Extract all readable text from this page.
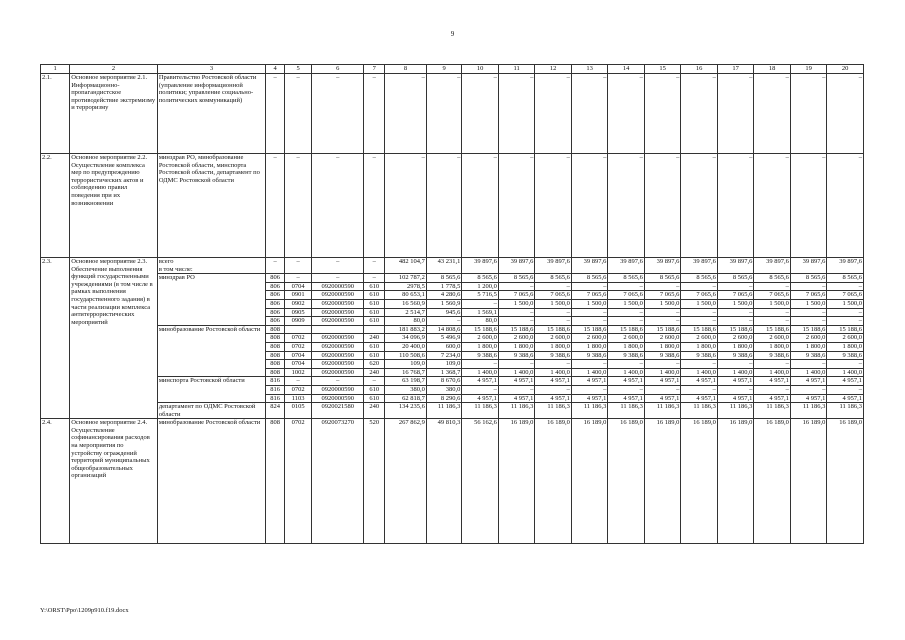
9
1	2	3	4	5	6	7	8	9	10	11	12	13	14	15	16	17	18	19	20
2.1.	Основное мероприятие 2.1. Информационно-пропагандистское противодействие экстремизму и терроризму	Правительство Ростовской области (управление информационной политики; управление социально-политических коммуникаций)	–	–	–	–	–	–	–	–	–	–	–	–	–	–	–	–	–
2.2.	Основное мероприятие 2.2. Осуществление комплекса мер по предупреждению террористических актов и соблюдению правил поведения при их возникновении	минздрав РО, минобразование Ростовской области, минспорта Ростовской области, департамент по ОДМС Ростовской области	–	–	–	–	–	–	–	–	–	–	–	–	–	–	–	–	–
2.3.	Основное мероприятие 2.3. Обеспечение выполнения функций государственными учреждениями (в том числе в рамках выполнения государственного задания) в части реализации комплекса антитеррористических мероприятий	всего
в том числе:	–	–	–	–	482 104,7	43 231,1	39 897,6	39 897,6	39 897,6	39 897,6	39 897,6	39 897,6	39 897,6	39 897,6	39 897,6	39 897,6	39 897,6
		минздрав РО	806	–	–	–	102 787,2	8 565,6	8 565,6	8 565,6	8 565,6	8 565,6	8 565,6	8 565,6	8 565,6	8 565,6	8 565,6	8 565,6	8 565,6
			806	0704	0920000590	610	2978,5	1 778,5	1 200,0	–	–	–	–	–	–	–	–	–	–
			806	0901	0920000590	610	80 653,1	4 280,6	5 716,5	7 065,6	7 065,6	7 065,6	7 065,6	7 065,6	7 065,6	7 065,6	7 065,6	7 065,6	7 065,6
			806	0902	0920000590	610	16 560,9	1 560,9	–	1 500,0	1 500,0	1 500,0	1 500,0	1 500,0	1 500,0	1 500,0	1 500,0	1 500,0	1 500,0
			806	0905	0920000590	610	2 514,7	945,6	1 569,1	–	–	–	–	–	–	–	–	–	–
			806	0909	0920000590	610	80,0	–	80,0	–	–	–	–	–	–	–	–	–	–
		минобразование Ростовской области	808				181 883,2	14 808,6	15 188,6	15 188,6	15 188,6	15 188,6	15 188,6	15 188,6	15 188,6	15 188,6	15 188,6	15 188,6	15 188,6
			808	0702	0920000590	240	34 096,9	5 496,9	2 600,0	2 600,0	2 600,0	2 600,0	2 600,0	2 600,0	2 600,0	2 600,0	2 600,0	2 600,0	2 600,0
			808	0702	0920000590	610	20 400,0	600,0	1 800,0	1 800,0	1 800,0	1 800,0	1 800,0	1 800,0	1 800,0	1 800,0	1 800,0	1 800,0	1 800,0
			808	0704	0920000590	610	110 508,6	7 234,0	9 388,6	9 388,6	9 388,6	9 388,6	9 388,6	9 388,6	9 388,6	9 388,6	9 388,6	9 388,6	9 388,6
			808	0704	0920000590	620	109,0	109,0	–	–	–	–	–	–	–	–	–	–	–
			808	1002	0920000590	240	16 768,7	1 368,7	1 400,0	1 400,0	1 400,0	1 400,0	1 400,0	1 400,0	1 400,0	1 400,0	1 400,0	1 400,0	1 400,0
		минспорта Ростовской области	816	–	–	–	63 198,7	8 670,6	4 957,1	4 957,1	4 957,1	4 957,1	4 957,1	4 957,1	4 957,1	4 957,1	4 957,1	4 957,1	4 957,1
			816	0702	0920000590	610	380,0	380,0	–	–	–	–	–	–	–	–	–	–	–
			816	1103	0920000590	610	62 818,7	8 290,6	4 957,1	4 957,1	4 957,1	4 957,1	4 957,1	4 957,1	4 957,1	4 957,1	4 957,1	4 957,1	4 957,1
		департамент по ОДМС Ростовской области	824	0105	0920021580	240	134 235,6	11 186,3	11 186,3	11 186,3	11 186,3	11 186,3	11 186,3	11 186,3	11 186,3	11 186,3	11 186,3	11 186,3	11 186,3
2.4.	Основное мероприятие 2.4. Осуществление софинансирования расходов на мероприятия по устройству ограждений территорий муниципальных общеобразовательных организаций	минобразование Ростовской области	808	0702	0920073270	520	267 862,9	49 810,3	56 162,6	16 189,0	16 189,0	16 189,0	16 189,0	16 189,0	16 189,0	16 189,0	16 189,0	16 189,0	16 189,0
Y:\ORST\Ppo\1209p910.f19.docx
